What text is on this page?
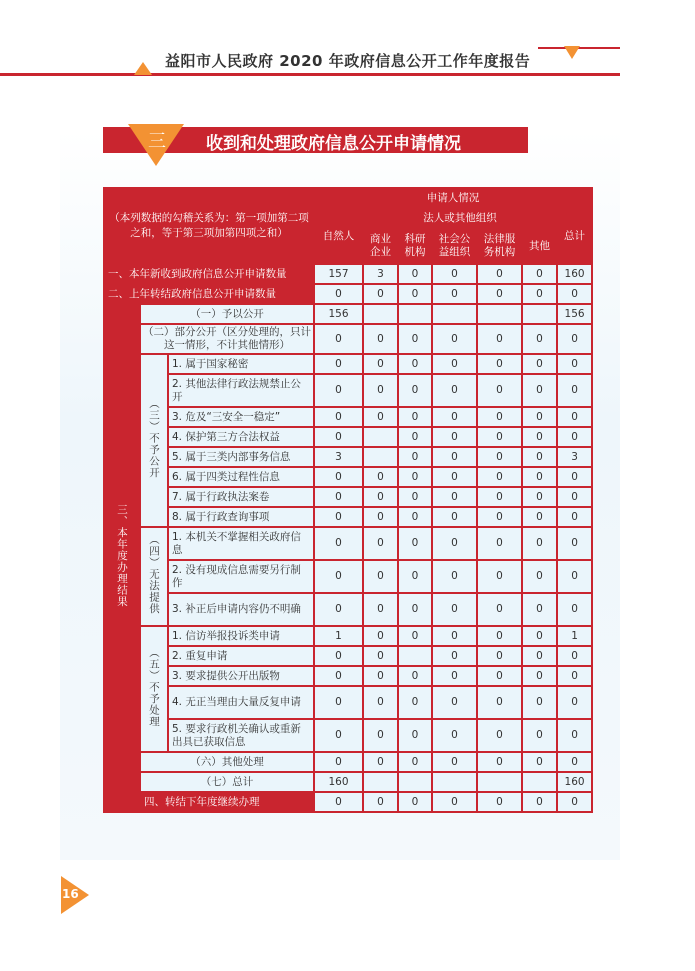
益阳市人民政府 2020 年政府信息公开工作年度报告
三 收到和处理政府信息公开申请情况
（本列数据的勾稽关系为：第一项加第二项之和，等于第三项加第四项之和）			申请人情况						
			自然人	法人或其他组织					总计
				商业企业	科研机构	社会公益组织	法律服务机构	其他	
一、本年新收到政府信息公开申请数量			157	3	0	0	0	0	160
二、上年转结政府信息公开申请数量			0	0	0	0	0	0	0
三、本年度办理结果	（一）予以公开		156						156
	（二）部分公开（区分处理的，只计这一情形，不计其他情形）		0	0	0	0	0	0	0
	（三）不予公开	1. 属于国家秘密	0	0	0	0	0	0	0
		2. 其他法律行政法规禁止公开	0	0	0	0	0	0	0
		3. 危及“三安全一稳定”	0	0	0	0	0	0	0
		4. 保护第三方合法权益	0		0	0	0	0	0
		5. 属于三类内部事务信息	3		0	0	0	0	3
		6. 属于四类过程性信息	0	0	0	0	0	0	0
		7. 属于行政执法案卷	0	0	0	0	0	0	0
		8. 属于行政查询事项	0	0	0	0	0	0	0
	（四）无法提供	1. 本机关不掌握相关政府信息	0	0	0	0	0	0	0
		2. 没有现成信息需要另行制作	0	0	0	0	0	0	0
		3. 补正后申请内容仍不明确	0	0	0	0	0	0	0
	（五）不予处理	1. 信访举报投诉类申请	1	0	0	0	0	0	1
		2. 重复申请	0	0		0	0	0	0
		3. 要求提供公开出版物	0	0	0	0	0	0	0
		4. 无正当理由大量反复申请	0	0	0	0	0	0	0
		5. 要求行政机关确认或重新出具已获取信息	0	0	0	0	0	0	0
	（六）其他处理		0	0	0	0	0	0	0
	（七）总计		160						160
	四、转结下年度继续办理		0	0	0	0	0	0	0
16
